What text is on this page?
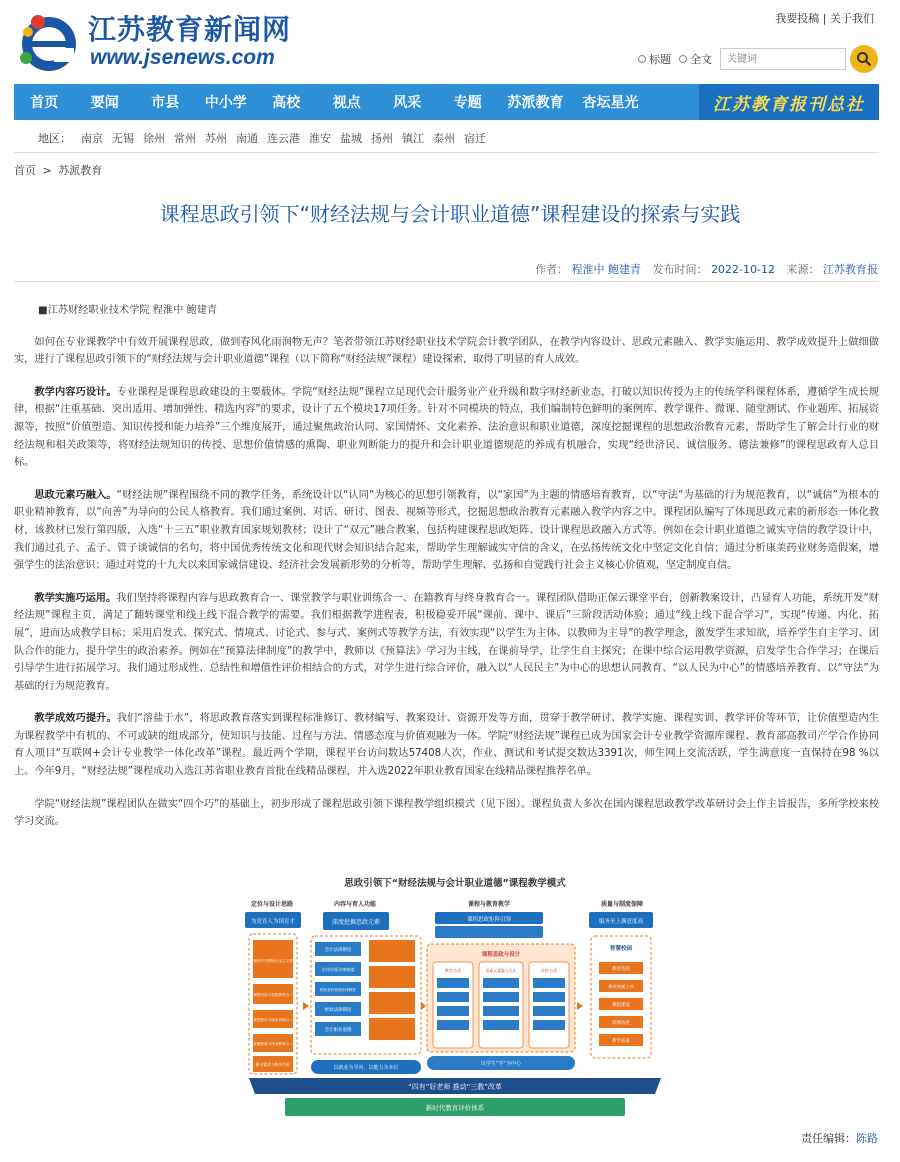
江苏教育新闻网
www.jsenews.com
我要投稿 | 关于我们
标题 全文
关键词
首页	要闻	市县	中小学	高校	视点	风采	专题	苏派教育	杏坛星光	江苏教育报刊总社
地区： 南京 无锡 徐州 常州 苏州 南通 连云港 淮安 盐城 扬州 镇江 泰州 宿迁
首页 > 苏派教育
课程思政引领下“财经法规与会计职业道德”课程建设的探索与实践
作者： 程淮中 鲍建青 发布时间： 2022-10-12 来源： 江苏教育报

■江苏财经职业技术学院 程淮中 鲍建青

如何在专业课教学中有效开展课程思政，做到春风化雨润物无声？笔者带领江苏财经职业技术学院会计教学团队，在教学内容设计、思政元素融入、教学实施运用、教学成效提升上做细做实，进行了课程思政引领下的“财经法规与会计职业道德”课程（以下简称“财经法规”课程）建设探索，取得了明显的育人成效。

教学内容巧设计。专业课程是课程思政建设的主要载体。学院“财经法规”课程立足现代会计服务业产业升级和数字财经新业态，打破以知识传授为主的传统学科课程体系，遵循学生成长规律，根据“注重基础、突出适用、增加弹性、精选内容”的要求，设计了五个模块17项任务。针对不同模块的特点，我们编制特色鲜明的案例库、教学课件、微课、随堂测试、作业题库、拓展资源等，按照“价值塑造、知识传授和能力培养”三个维度展开，通过聚焦政治认同、家国情怀、文化素养、法治意识和职业道德，深度挖掘课程的思想政治教育元素，帮助学生了解会计行业的财经法规和相关政策等，将财经法规知识的传授、思想价值情感的熏陶、职业判断能力的提升和会计职业道德规范的养成有机融合，实现“经世济民、诚信服务、德法兼修”的课程思政育人总目标。

思政元素巧融入。“财经法规”课程围绕不同的教学任务，系统设计以“认同”为核心的思想引领教育，以“家国”为主题的情感培育教育，以“守法”为基础的行为规范教育，以“诚信”为根本的职业精神教育，以“向善”为导向的公民人格教育。我们通过案例、对话、研讨、图表、视频等形式，挖掘思想政治教育元素融入教学内容之中。课程团队编写了体现思政元素的新形态一体化教材，该教材已发行第四版，入选“十三五”职业教育国家规划教材；设计了“双元”融合教案，包括构建课程思政矩阵、设计课程思政融入方式等。例如在会计职业道德之诚实守信的教学设计中，我们通过孔子、孟子、管子谈诚信的名句，将中国优秀传统文化和现代财会知识结合起来，帮助学生理解诚实守信的含义，在弘扬传统文化中坚定文化自信；通过分析康美药业财务造假案，增强学生的法治意识；通过对党的十九大以来国家诚信建设、经济社会发展新形势的分析等，帮助学生理解、弘扬和自觉践行社会主义核心价值观，坚定制度自信。

教学实施巧运用。我们坚持将课程内容与思政教育合一、课堂教学与职业训练合一、在籍教育与终身教育合一。课程团队借助正保云课堂平台，创新教案设计，凸显育人功能，系统开发“财经法规”课程主页，满足了翻转课堂和线上线下混合教学的需要。我们根据教学进程表，积极稳妥开展“课前、课中、课后”三阶段活动体验；通过“线上线下混合学习”，实现“传递、内化、拓展”，进而达成教学目标；采用启发式、探究式、情境式、讨论式、参与式、案例式等教学方法，有效实现“以学生为主体、以教师为主导”的教学理念，激发学生求知欲，培养学生自主学习、团队合作的能力，提升学生的政治素养。例如在“预算法律制度”的教学中，教师以《预算法》学习为主线，在课前导学，让学生自主探究；在课中综合运用教学资源，启发学生合作学习；在课后引导学生进行拓展学习。我们通过形成性、总结性和增值性评价相结合的方式，对学生进行综合评价，融入以“人民民主”为中心的思想认同教育、“以人民为中心”的情感培养教育、以“守法”为基础的行为规范教育。

教学成效巧提升。我们“溶盐于水”，将思政教育落实到课程标准修订、教材编写、教案设计、资源开发等方面，贯穿于教学研讨、教学实施、课程实训、教学评价等环节，让价值塑造内生为课程教学中有机的、不可或缺的组成部分，使知识与技能、过程与方法、情感态度与价值观融为一体。学院“财经法规”课程已成为国家会计专业教学资源库课程、教育部高教司产学合作协同育人项目“互联网+会计专业教学一体化改革”课程。最近两个学期，课程平台访问数达57408人次，作业、测试和考试提交数达3391次，师生网上交流活跃，学生满意度一直保持在98 %以上。今年9月，“财经法规”课程成功入选江苏省职业教育首批在线精品课程，并入选2022年职业教育国家在线精品课程推荐名单。

学院“财经法规”课程团队在做实“四个巧”的基础上，初步形成了课程思政引领下课程教学组织模式（见下图）。课程负责人多次在国内课程思政教学改革研讨会上作主旨报告，多所学校来校学习交流。

思政引领下“财经法规与会计职业道德”课程教学模式
定位与设计思路
为党育人为国育才
以习近平新时代中国特色社会主义思想为指导
课程内容与思政教育合一
课堂教学与职业训练合一
在籍教育与终身教育合一
职业素养与终身发展
内容与育人功能
深度挖掘思政元素
会计法律制度
支付结算法律制度
税收征收管理法律制度
财政法律制度
会计职业道德
以就业为导向，以能力为本位
课程与教育教学
课程思政矩阵引领
课程思政与设计
教学方法	思政元素融入方式	评价方法
以学生“学”为中心
质量与制度保障
服务至上满意度高
智慧校园
教材选用
教改课题立项
课程建设
诊断改进
教学质量
“四有”好老师 推动“三教”改革
新时代教育评价体系
责任编辑：陈路
